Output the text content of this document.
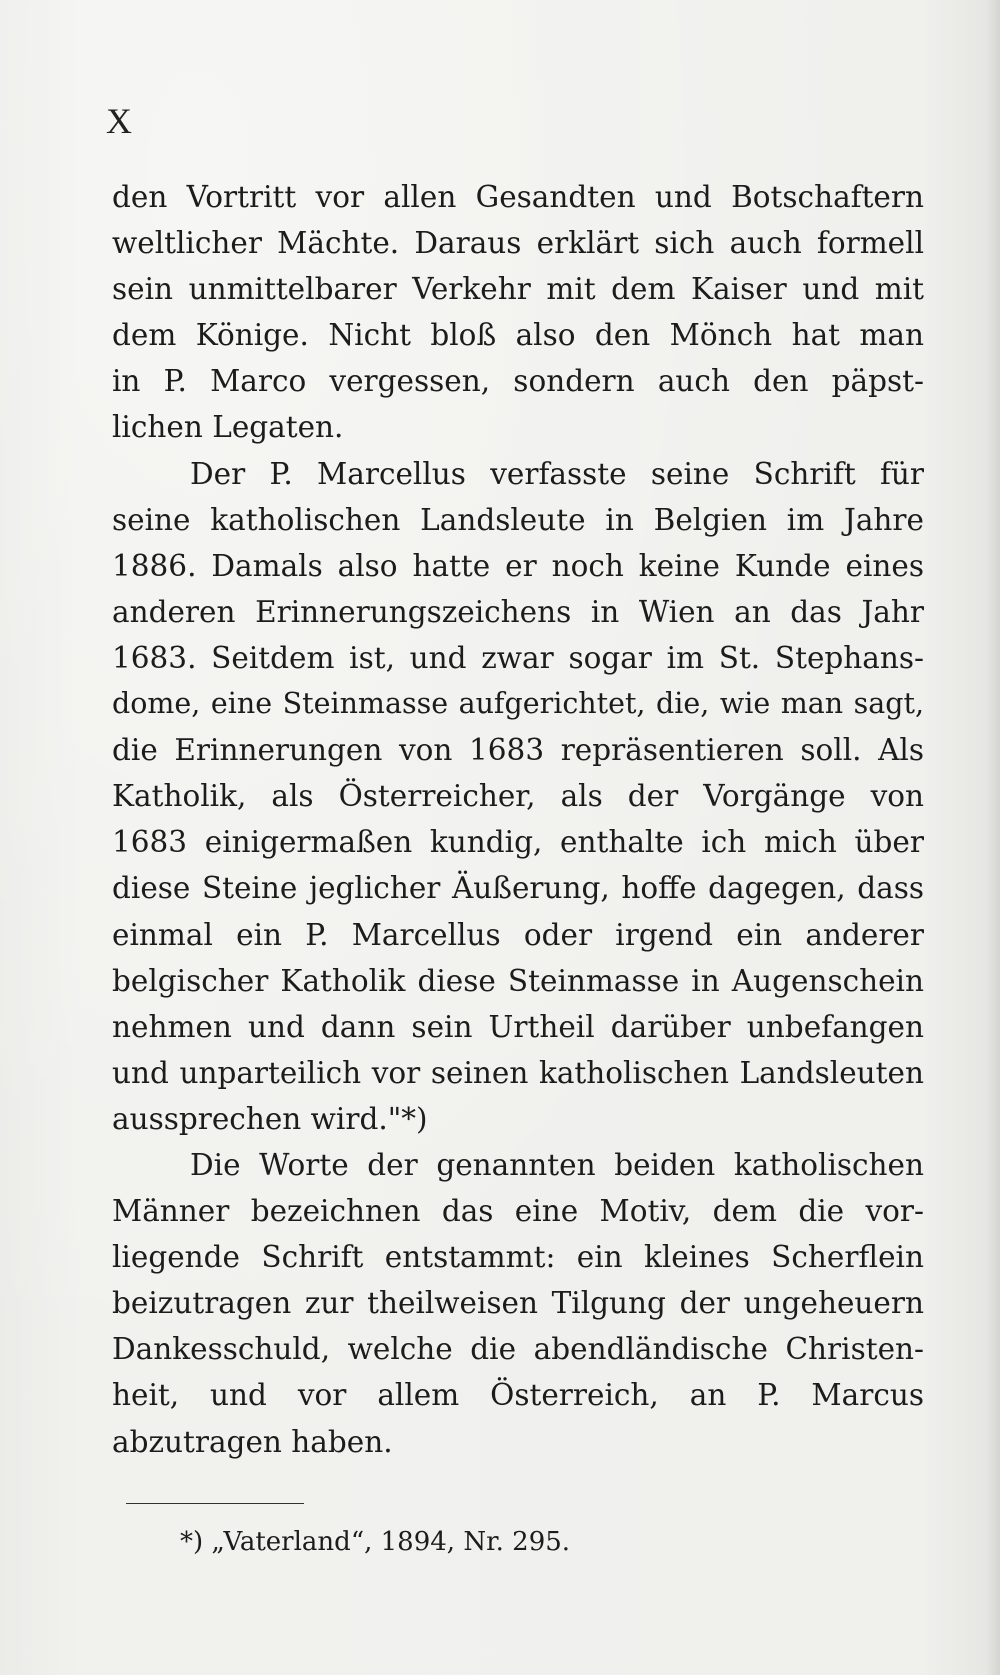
X
den Vortritt vor allen Gesandten und Botschaftern
weltlicher Mächte. Daraus erklärt sich auch formell
sein unmittelbarer Verkehr mit dem Kaiser und mit
dem Könige. Nicht bloß also den Mönch hat man
in P. Marco vergessen, sondern auch den päpst-
lichen Legaten.
Der P. Marcellus verfasste seine Schrift für
seine katholischen Landsleute in Belgien im Jahre
1886. Damals also hatte er noch keine Kunde eines
anderen Erinnerungszeichens in Wien an das Jahr
1683. Seitdem ist, und zwar sogar im St. Stephans-
dome, eine Steinmasse aufgerichtet, die, wie man sagt,
die Erinnerungen von 1683 repräsentieren soll. Als
Katholik, als Österreicher, als der Vorgänge von
1683 einigermaßen kundig, enthalte ich mich über
diese Steine jeglicher Äußerung, hoffe dagegen, dass
einmal ein P. Marcellus oder irgend ein anderer
belgischer Katholik diese Steinmasse in Augenschein
nehmen und dann sein Urtheil darüber unbefangen
und unparteilich vor seinen katholischen Landsleuten
aussprechen wird."*)
Die Worte der genannten beiden katholischen
Männer bezeichnen das eine Motiv, dem die vor-
liegende Schrift entstammt: ein kleines Scherflein
beizutragen zur theilweisen Tilgung der ungeheuern
Dankesschuld, welche die abendländische Christen-
heit, und vor allem Österreich, an P. Marcus
abzutragen haben.
*) „Vaterland“, 1894, Nr. 295.
